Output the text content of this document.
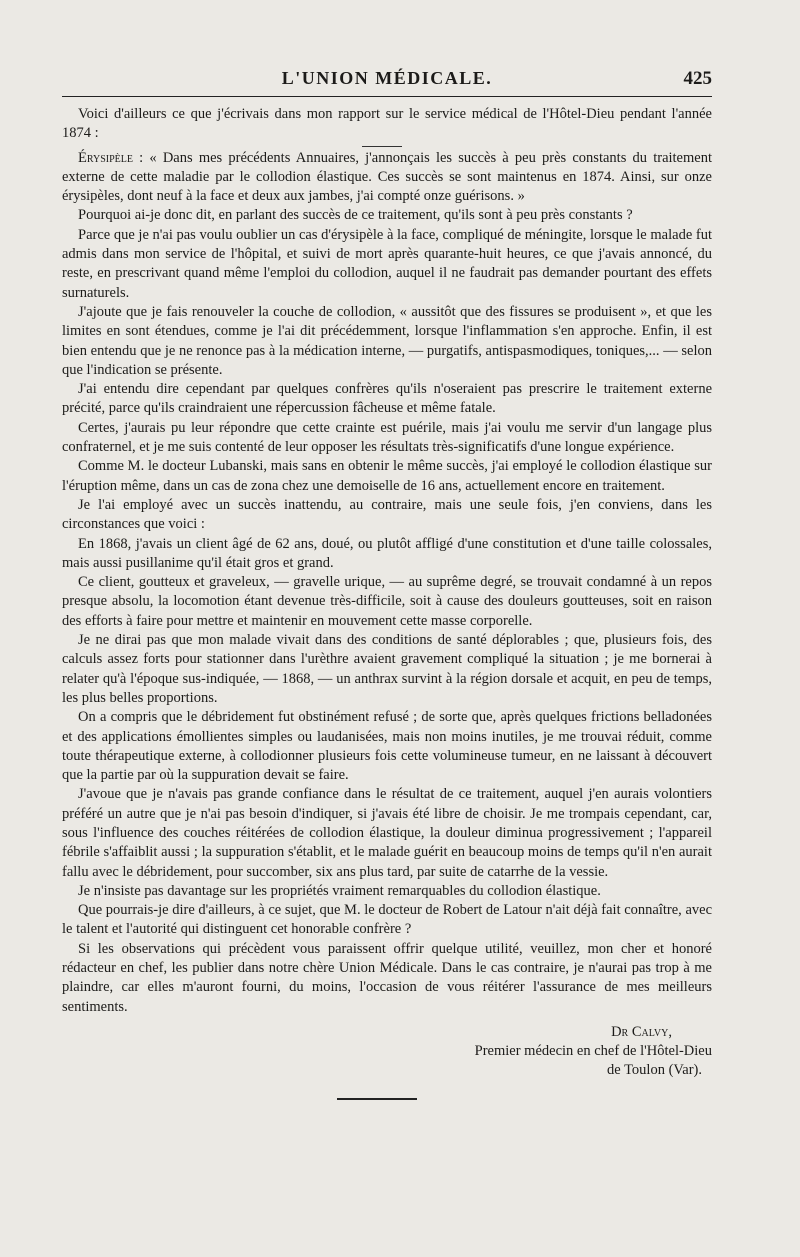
L'UNION MÉDICALE.	425

Voici d'ailleurs ce que j'écrivais dans mon rapport sur le service médical de l'Hôtel-Dieu pendant l'année 1874 :

Érysipèle : « Dans mes précédents Annuaires, j'annonçais les succès à peu près constants du traitement externe de cette maladie par le collodion élastique. Ces succès se sont maintenus en 1874. Ainsi, sur onze érysipèles, dont neuf à la face et deux aux jambes, j'ai compté onze guérisons. »

Pourquoi ai-je donc dit, en parlant des succès de ce traitement, qu'ils sont à peu près constants ?

Parce que je n'ai pas voulu oublier un cas d'érysipèle à la face, compliqué de méningite, lorsque le malade fut admis dans mon service de l'hôpital, et suivi de mort après quarante-huit heures, ce que j'avais annoncé, du reste, en prescrivant quand même l'emploi du collodion, auquel il ne faudrait pas demander pourtant des effets surnaturels.

J'ajoute que je fais renouveler la couche de collodion, « aussitôt que des fissures se produisent », et que les limites en sont étendues, comme je l'ai dit précédemment, lorsque l'inflammation s'en approche. Enfin, il est bien entendu que je ne renonce pas à la médication interne, — purgatifs, antispasmodiques, toniques,... — selon que l'indication se présente.

J'ai entendu dire cependant par quelques confrères qu'ils n'oseraient pas prescrire le traitement externe précité, parce qu'ils craindraient une répercussion fâcheuse et même fatale.

Certes, j'aurais pu leur répondre que cette crainte est puérile, mais j'ai voulu me servir d'un langage plus confraternel, et je me suis contenté de leur opposer les résultats très-significatifs d'une longue expérience.

Comme M. le docteur Lubanski, mais sans en obtenir le même succès, j'ai employé le collodion élastique sur l'éruption même, dans un cas de zona chez une demoiselle de 16 ans, actuellement encore en traitement.

Je l'ai employé avec un succès inattendu, au contraire, mais une seule fois, j'en conviens, dans les circonstances que voici :

En 1868, j'avais un client âgé de 62 ans, doué, ou plutôt affligé d'une constitution et d'une taille colossales, mais aussi pusillanime qu'il était gros et grand.

Ce client, goutteux et graveleux, — gravelle urique, — au suprême degré, se trouvait condamné à un repos presque absolu, la locomotion étant devenue très-difficile, soit à cause des douleurs goutteuses, soit en raison des efforts à faire pour mettre et maintenir en mouvement cette masse corporelle.

Je ne dirai pas que mon malade vivait dans des conditions de santé déplorables ; que, plusieurs fois, des calculs assez forts pour stationner dans l'urèthre avaient gravement compliqué la situation ; je me bornerai à relater qu'à l'époque sus-indiquée, — 1868, — un anthrax survint à la région dorsale et acquit, en peu de temps, les plus belles proportions.

On a compris que le débridement fut obstinément refusé ; de sorte que, après quelques frictions belladonées et des applications émollientes simples ou laudanisées, mais non moins inutiles, je me trouvai réduit, comme toute thérapeutique externe, à collodionner plusieurs fois cette volumineuse tumeur, en ne laissant à découvert que la partie par où la suppuration devait se faire.

J'avoue que je n'avais pas grande confiance dans le résultat de ce traitement, auquel j'en aurais volontiers préféré un autre que je n'ai pas besoin d'indiquer, si j'avais été libre de choisir. Je me trompais cependant, car, sous l'influence des couches réitérées de collodion élastique, la douleur diminua progressivement ; l'appareil fébrile s'affaiblit aussi ; la suppuration s'établit, et le malade guérit en beaucoup moins de temps qu'il n'en aurait fallu avec le débridement, pour succomber, six ans plus tard, par suite de catarrhe de la vessie.

Je n'insiste pas davantage sur les propriétés vraiment remarquables du collodion élastique.

Que pourrais-je dire d'ailleurs, à ce sujet, que M. le docteur de Robert de Latour n'ait déjà fait connaître, avec le talent et l'autorité qui distinguent cet honorable confrère ?

Si les observations qui précèdent vous paraissent offrir quelque utilité, veuillez, mon cher et honoré rédacteur en chef, les publier dans notre chère Union Médicale. Dans le cas contraire, je n'aurai pas trop à me plaindre, car elles m'auront fourni, du moins, l'occasion de vous réitérer l'assurance de mes meilleurs sentiments.

Dr Calvy,
Premier médecin en chef de l'Hôtel-Dieu
de Toulon (Var).
